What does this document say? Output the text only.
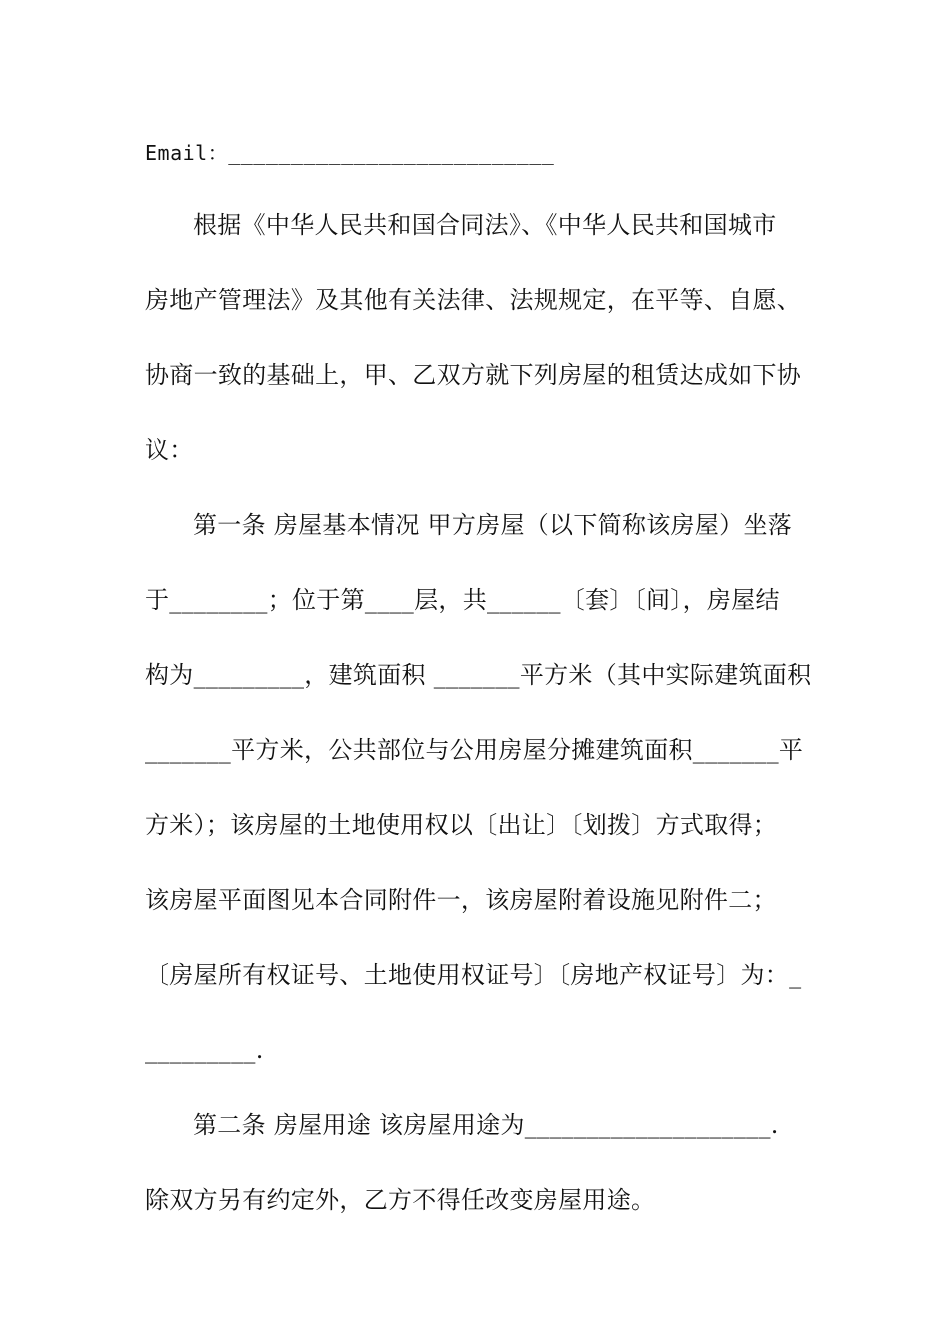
Email：__________________________
根据《中华人民共和国合同法》、《中华人民共和国城市
房地产管理法》及其他有关法律、法规规定，在平等、自愿、
协商一致的基础上，甲、乙双方就下列房屋的租赁达成如下协
议：
第一条 房屋基本情况 甲方房屋（以下简称该房屋）坐落
于________；位于第____层，共______〔套〕〔间〕，房屋结
构为_________，建筑面积 _______平方米（其中实际建筑面积
_______平方米，公共部位与公用房屋分摊建筑面积_______平
方米）；该房屋的土地使用权以〔出让〕〔划拨〕方式取得；
该房屋平面图见本合同附件一，该房屋附着设施见附件二；
〔房屋所有权证号、土地使用权证号〕〔房地产权证号〕为：_
_________.
第二条 房屋用途 该房屋用途为____________________.
除双方另有约定外，乙方不得任改变房屋用途。
